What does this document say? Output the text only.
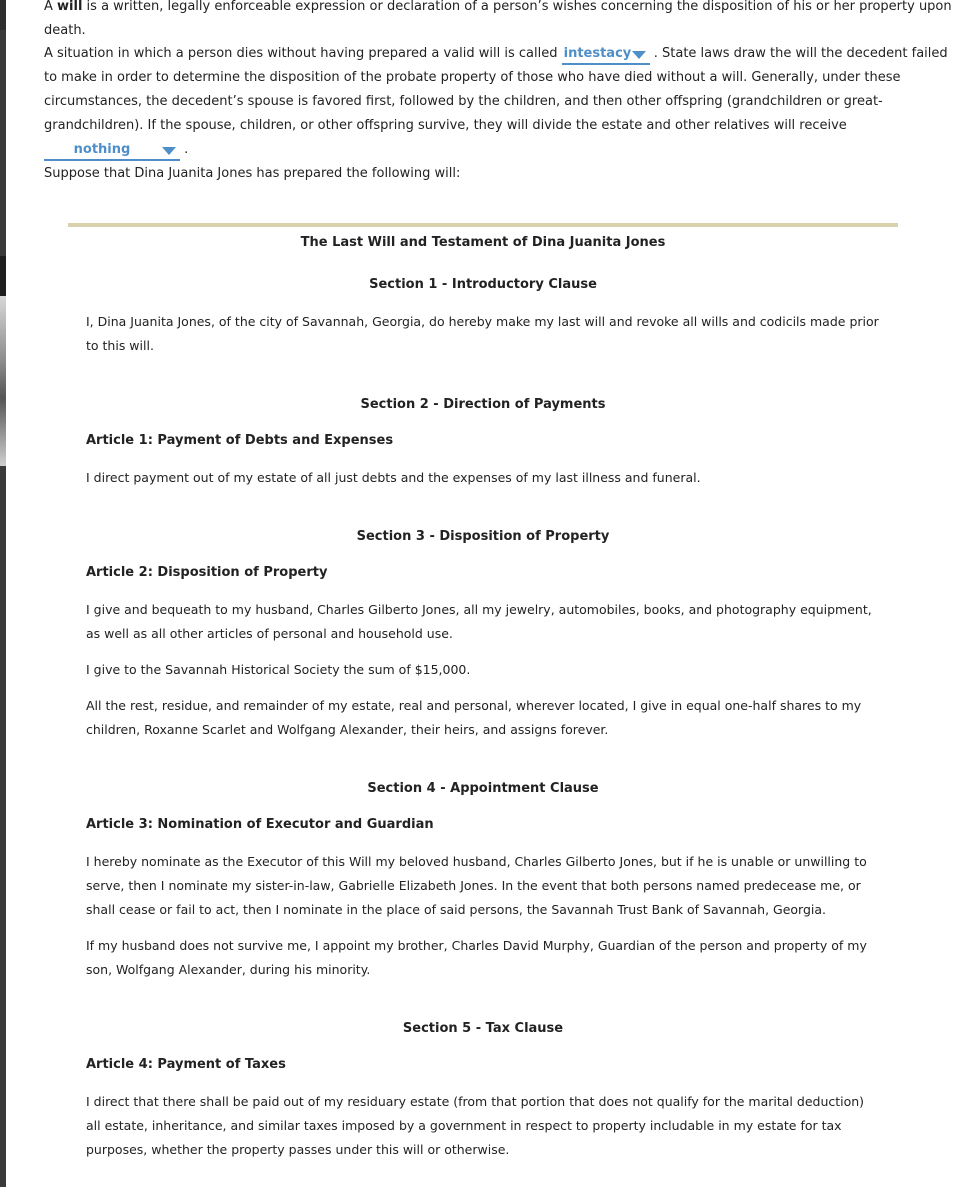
A will is a written, legally enforceable expression or declaration of a person’s wishes concerning the disposition of his or her property upon death.

A situation in which a person dies without having prepared a valid will is called intestacy
. State laws draw the will the decedent failed to make in order to determine the disposition of the probate property of those who have died without a will. Generally, under these circumstances, the decedent’s spouse is favored first, followed by the children, and then other offspring (grandchildren or great-grandchildren). If the spouse, children, or other offspring survive, they will divide the estate and other relatives will receive nothing	.

Suppose that Dina Juanita Jones has prepared the following will:

The Last Will and Testament of Dina Juanita Jones
Section 1 - Introductory Clause
I, Dina Juanita Jones, of the city of Savannah, Georgia, do hereby make my last will and revoke all wills and codicils made prior to this will.
Section 2 - Direction of Payments
Article 1: Payment of Debts and Expenses
I direct payment out of my estate of all just debts and the expenses of my last illness and funeral.
Section 3 - Disposition of Property
Article 2: Disposition of Property
I give and bequeath to my husband, Charles Gilberto Jones, all my jewelry, automobiles, books, and photography equipment, as well as all other articles of personal and household use.
I give to the Savannah Historical Society the sum of $15,000.
All the rest, residue, and remainder of my estate, real and personal, wherever located, I give in equal one-half shares to my children, Roxanne Scarlet and Wolfgang Alexander, their heirs, and assigns forever.
Section 4 - Appointment Clause
Article 3: Nomination of Executor and Guardian
I hereby nominate as the Executor of this Will my beloved husband, Charles Gilberto Jones, but if he is unable or unwilling to serve, then I nominate my sister-in-law, Gabrielle Elizabeth Jones. In the event that both persons named predecease me, or shall cease or fail to act, then I nominate in the place of said persons, the Savannah Trust Bank of Savannah, Georgia.
If my husband does not survive me, I appoint my brother, Charles David Murphy, Guardian of the person and property of my son, Wolfgang Alexander, during his minority.
Section 5 - Tax Clause
Article 4: Payment of Taxes
I direct that there shall be paid out of my residuary estate (from that portion that does not qualify for the marital deduction) all estate, inheritance, and similar taxes imposed by a government in respect to property includable in my estate for tax purposes, whether the property passes under this will or otherwise.
